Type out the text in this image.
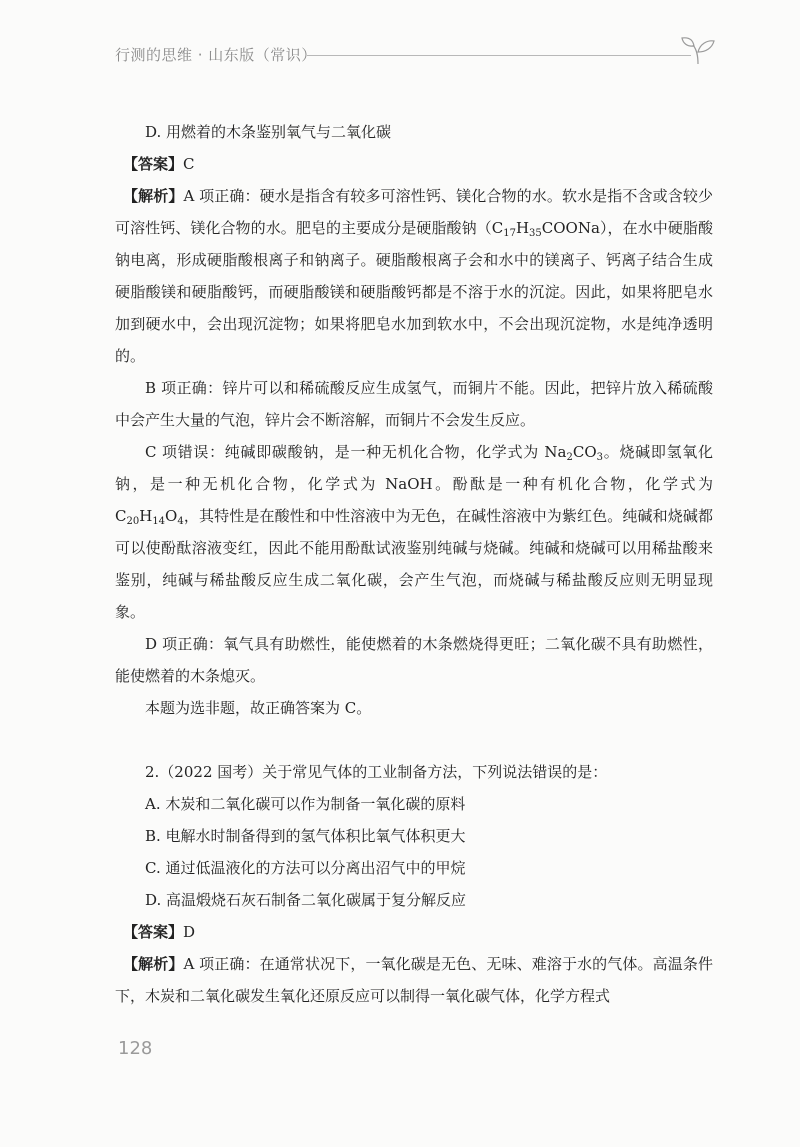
行测的思维 · 山东版（常识）

D. 用燃着的木条鉴别氧气与二氧化碳

【答案】C

【解析】A 项正确：硬水是指含有较多可溶性钙、镁化合物的水。软水是指不含或含较少可溶性钙、镁化合物的水。肥皂的主要成分是硬脂酸钠$(C_{17}H_{35}COONa)$，在水中硬脂酸钠电离，形成硬脂酸根离子和钠离子。硬脂酸根离子会和水中的镁离子、钙离子结合生成硬脂酸镁和硬脂酸钙，而硬脂酸镁和硬脂酸钙都是不溶于水的沉淀。因此，如果将肥皂水加到硬水中，会出现沉淀物；如果将肥皂水加到软水中，不会出现沉淀物，水是纯净透明的。

B 项正确：锌片可以和稀硫酸反应生成氢气，而铜片不能。因此，把锌片放入稀硫酸中会产生大量的气泡，锌片会不断溶解，而铜片不会发生反应。

C 项错误：纯碱即碳酸钠，是一种无机化合物，化学式为 $Na_2CO_3$。烧碱即氢氧化钠，是一种无机化合物，化学式为 NaOH。酚酞是一种有机化合物，化学式为 $C_{20}H_{14}O_4$，其特性是在酸性和中性溶液中为无色，在碱性溶液中为紫红色。纯碱和烧碱都可以使酚酞溶液变红，因此不能用酚酞试液鉴别纯碱与烧碱。纯碱和烧碱可以用稀盐酸来鉴别，纯碱与稀盐酸反应生成二氧化碳，会产生气泡，而烧碱与稀盐酸反应则无明显现象。

D 项正确：氧气具有助燃性，能使燃着的木条燃烧得更旺；二氧化碳不具有助燃性，能使燃着的木条熄灭。

本题为选非题，故正确答案为 C。

2.（2022 国考）关于常见气体的工业制备方法，下列说法错误的是：

A. 木炭和二氧化碳可以作为制备一氧化碳的原料

B. 电解水时制备得到的氢气体积比氧气体积更大

C. 通过低温液化的方法可以分离出沼气中的甲烷

D. 高温煅烧石灰石制备二氧化碳属于复分解反应

【答案】D

【解析】A 项正确：在通常状况下，一氧化碳是无色、无味、难溶于水的气体。高温条件下，木炭和二氧化碳发生氧化还原反应可以制得一氧化碳气体，化学方程式

128
